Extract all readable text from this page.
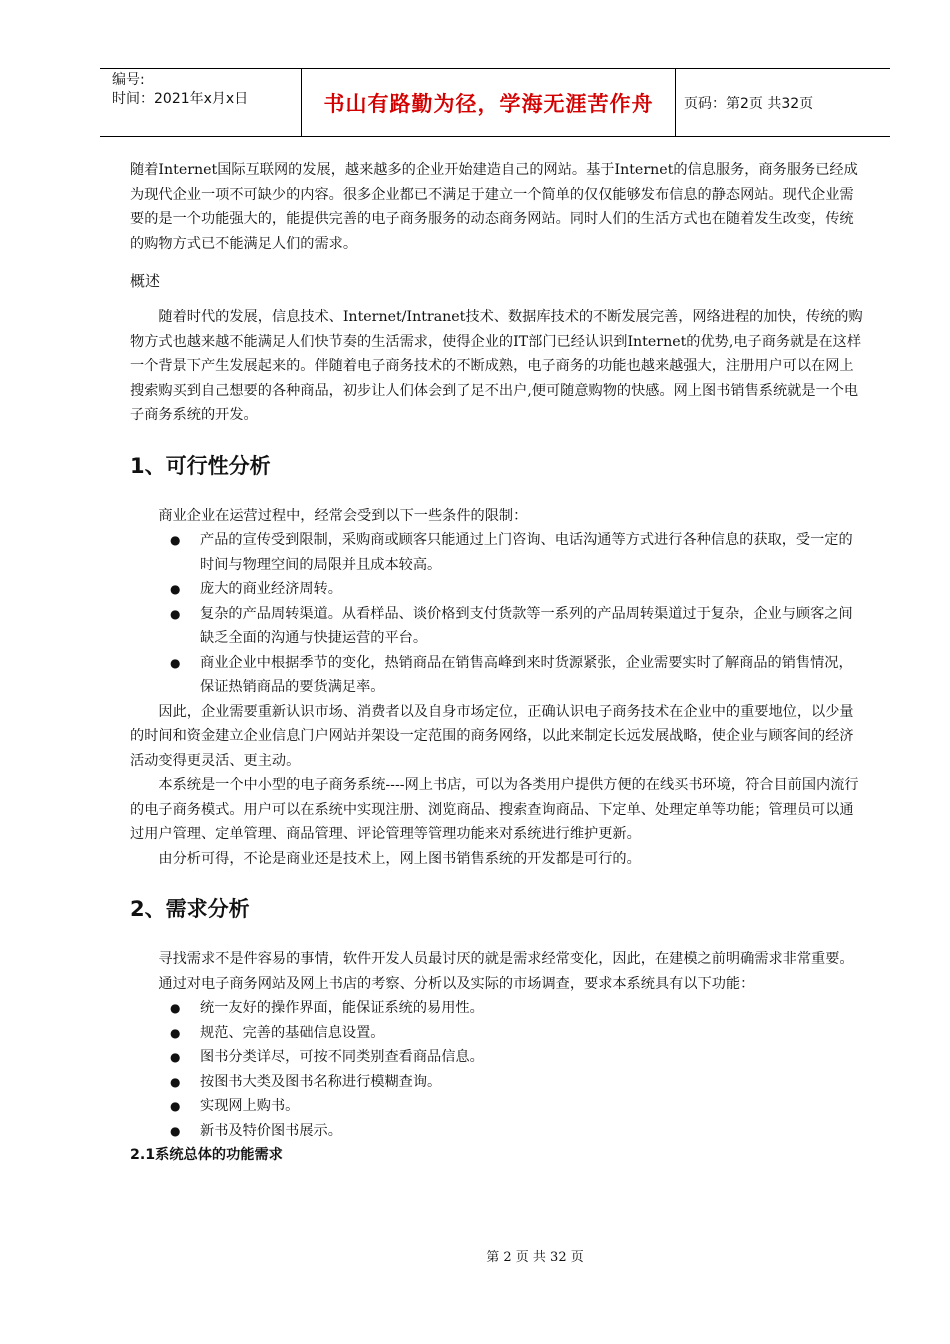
编号:
时间：2021年x月x日	书山有路勤为径，学海无涯苦作舟	页码：第2页 共32页

随着Internet国际互联网的发展，越来越多的企业开始建造自己的网站。基于Internet的信息服务，商务服务已经成为现代企业一项不可缺少的内容。很多企业都已不满足于建立一个简单的仅仅能够发布信息的静态网站。现代企业需要的是一个功能强大的，能提供完善的电子商务服务的动态商务网站。同时人们的生活方式也在随着发生改变，传统的购物方式已不能满足人们的需求。

概述

随着时代的发展，信息技术、Internet/Intranet技术、数据库技术的不断发展完善，网络进程的加快，传统的购物方式也越来越不能满足人们快节奏的生活需求，使得企业的IT部门已经认识到Internet的优势,电子商务就是在这样一个背景下产生发展起来的。伴随着电子商务技术的不断成熟，电子商务的功能也越来越强大，注册用户可以在网上搜索购买到自己想要的各种商品，初步让人们体会到了足不出户,便可随意购物的快感。网上图书销售系统就是一个电子商务系统的开发。

1、可行性分析

商业企业在运营过程中，经常会受到以下一些条件的限制：

● 产品的宣传受到限制，采购商或顾客只能通过上门咨询、电话沟通等方式进行各种信息的获取，受一定的时间与物理空间的局限并且成本较高。
● 庞大的商业经济周转。
● 复杂的产品周转渠道。从看样品、谈价格到支付货款等一系列的产品周转渠道过于复杂，企业与顾客之间缺乏全面的沟通与快捷运营的平台。
● 商业企业中根据季节的变化，热销商品在销售高峰到来时货源紧张，企业需要实时了解商品的销售情况，保证热销商品的要货满足率。

因此，企业需要重新认识市场、消费者以及自身市场定位，正确认识电子商务技术在企业中的重要地位，以少量的时间和资金建立企业信息门户网站并架设一定范围的商务网络，以此来制定长远发展战略，使企业与顾客间的经济活动变得更灵活、更主动。

本系统是一个中小型的电子商务系统----网上书店，可以为各类用户提供方便的在线买书环境，符合目前国内流行的电子商务模式。用户可以在系统中实现注册、浏览商品、搜索查询商品、下定单、处理定单等功能；管理员可以通过用户管理、定单管理、商品管理、评论管理等管理功能来对系统进行维护更新。

由分析可得，不论是商业还是技术上，网上图书销售系统的开发都是可行的。

2、需求分析

寻找需求不是件容易的事情，软件开发人员最讨厌的就是需求经常变化，因此，在建模之前明确需求非常重要。

通过对电子商务网站及网上书店的考察、分析以及实际的市场调查，要求本系统具有以下功能：

● 统一友好的操作界面，能保证系统的易用性。
● 规范、完善的基础信息设置。
● 图书分类详尽，可按不同类别查看商品信息。
● 按图书大类及图书名称进行模糊查询。
● 实现网上购书。
● 新书及特价图书展示。
2.1系统总体的功能需求
第 2 页 共 32 页
